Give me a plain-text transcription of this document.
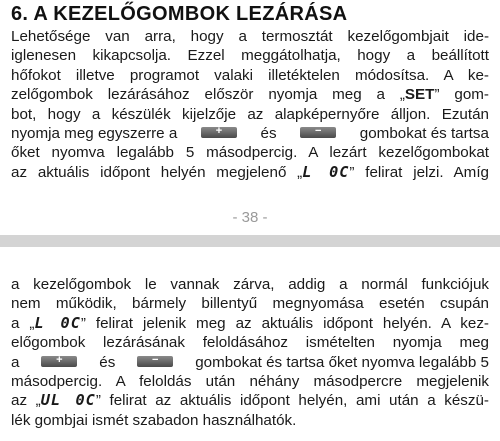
6. A KEZELŐGOMBOK LEZÁRÁSA
Lehetősége van arra, hogy a termosztát kezelőgombjait ide-
iglenesen kikapcsolja. Ezzel meggátolhatja, hogy a beállított
hőfokot illetve programot valaki illetéktelen módosítsa. A ke-
zelőgombok lezárásához először nyomja meg a „SET” gom-
bot, hogy a készülék kijelzője az alapképernyőre álljon. Ezután
nyomja meg egyszerre a	+	és	−	gombokat és tartsa
őket nyomva legalább 5 másodpercig. A lezárt kezelőgombokat
az aktuális időpont helyén megjelenő „L 0C” felirat jelzi. Amíg
- 38 -
a kezelőgombok le vannak zárva, addig a normál funkciójuk
nem működik, bármely billentyű megnyomása esetén csupán
a „L 0C” felirat jelenik meg az aktuális időpont helyén. A kez-
előgombok lezárásának feloldásához ismételten nyomja meg
a	+	és	−	gombokat és tartsa őket nyomva legalább 5
másodpercig. A feloldás után néhány másodpercre megjelenik
az „UL 0C” felirat az aktuális időpont helyén, ami után a készü-
lék gombjai ismét szabadon használhatók.
